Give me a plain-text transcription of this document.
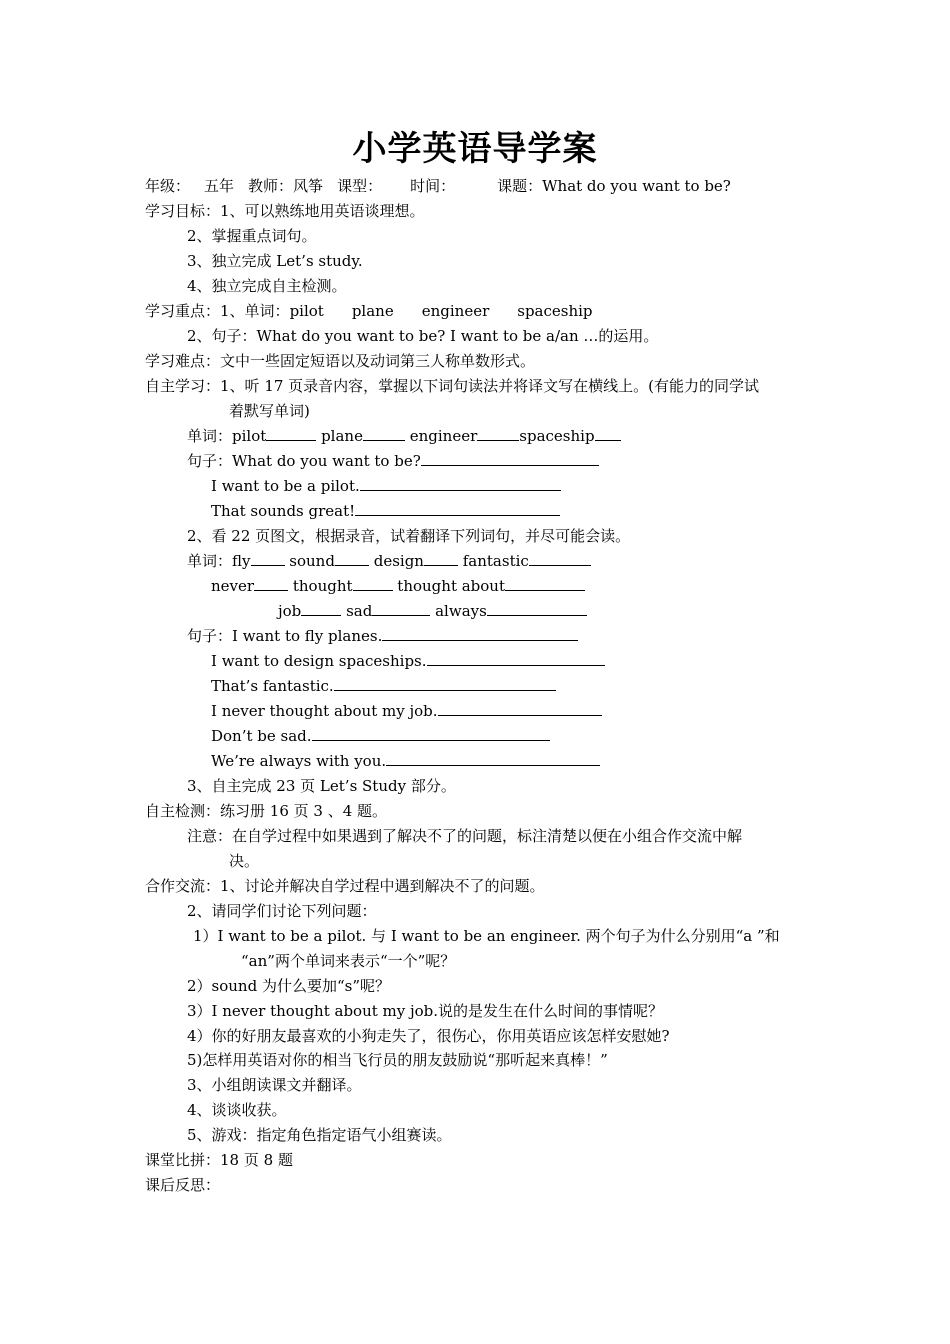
小学英语导学案
年级： 五年 教师：风筝 课型： 时间：	课题：What do you want to be?
学习目标：1、可以熟练地用英语谈理想。
2、掌握重点词句。
3、独立完成 Let’s study.
4、独立完成自主检测。
学习重点：1、单词：pilot plane engineer spaceship
2、句子：What do you want to be? I want to be a/an …的运用。
学习难点：文中一些固定短语以及动词第三人称单数形式。
自主学习：1、听 17 页录音内容，掌握以下词句读法并将译文写在横线上。(有能力的同学试
着默写单词)
单词：pilot	plane	engineer	spaceship
句子：What do you want to be?
I want to be a pilot.
That sounds great!
2、看 22 页图文，根据录音，试着翻译下列词句，并尽可能会读。
单词：fly	sound	design	fantastic
never	thought	thought about
job	sad	always
句子：I want to fly planes.
I want to design spaceships.
That’s fantastic.
I never thought about my job.
Don’t be sad.
We’re always with you.
3、自主完成 23 页 Let’s Study 部分。
自主检测：练习册 16 页 3 、4 题。
注意：在自学过程中如果遇到了解决不了的问题，标注清楚以便在小组合作交流中解
决。
合作交流：1、讨论并解决自学过程中遇到解决不了的问题。
2、请同学们讨论下列问题：
1）I want to be a pilot. 与 I want to be an engineer. 两个句子为什么分别用“a ”和
“an”两个单词来表示“一个”呢？
2）sound 为什么要加“s”呢？
3）I never thought about my job.说的是发生在什么时间的事情呢？
4）你的好朋友最喜欢的小狗走失了，很伤心，你用英语应该怎样安慰她?
5)怎样用英语对你的相当飞行员的朋友鼓励说“那听起来真棒！”
3、小组朗读课文并翻译。
4、谈谈收获。
5、游戏：指定角色指定语气小组赛读。
课堂比拼：18 页 8 题
课后反思：
